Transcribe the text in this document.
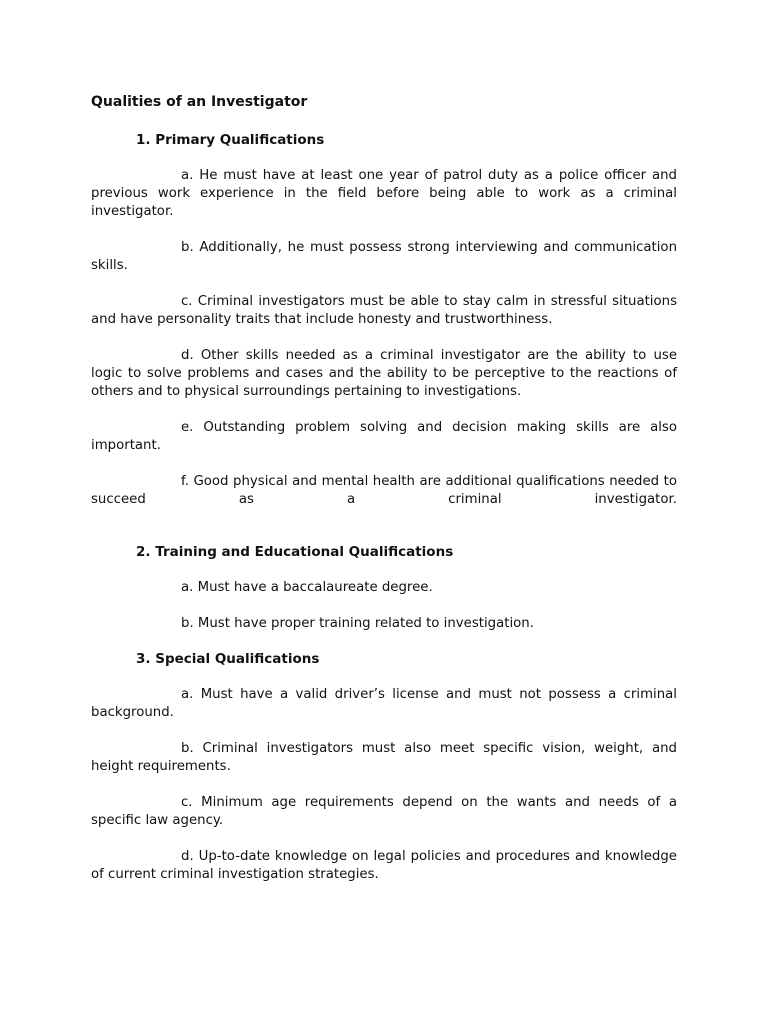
Qualities of an Investigator
1. Primary Qualifications

a. He must have at least one year of patrol duty as a police officer and previous work experience in the field before being able to work as a criminal investigator.

b. Additionally, he must possess strong interviewing and communication skills.

c. Criminal investigators must be able to stay calm in stressful situations and have personality traits that include honesty and trustworthiness.

d. Other skills needed as a criminal investigator are the ability to use logic to solve problems and cases and the ability to be perceptive to the reactions of others and to physical surroundings pertaining to investigations.

e. Outstanding problem solving and decision making skills are also important.

f. Good physical and mental health are additional qualifications needed to succeed as a criminal investigator.

2. Training and Educational Qualifications

a. Must have a baccalaureate degree.

b. Must have proper training related to investigation.

3. Special Qualifications

a. Must have a valid driver’s license and must not possess a criminal background.

b. Criminal investigators must also meet specific vision, weight, and height requirements.

c. Minimum age requirements depend on the wants and needs of a specific law agency.

d. Up-to-date knowledge on legal policies and procedures and knowledge of current criminal investigation strategies.
